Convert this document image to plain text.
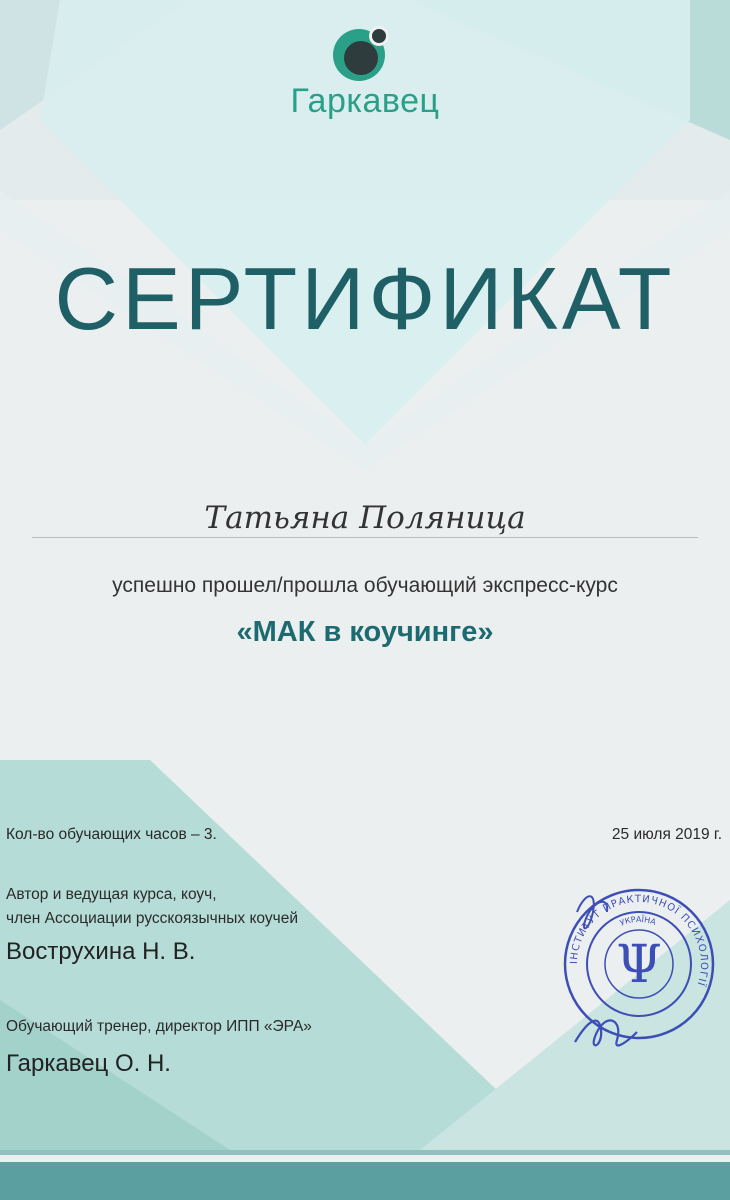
Гаркавец
СЕРТИФИКАТ
Татьяна Поляница
успешно прошел/прошла обучающий экспресс-курс
«МАК в коучинге»
Кол-во обучающих часов – 3.	25 июля 2019 г.
Автор и ведущая курса, коуч,
член Ассоциации русскоязычных коучей
Вострухина Н. В.
Обучающий тренер, директор ИПП «ЭРА»
Гаркавец О. Н.
ІНСТИТУТ ПРАКТИЧНОЇ ПСИХОЛОГІЇ
УКРАЇНА
Ψ
